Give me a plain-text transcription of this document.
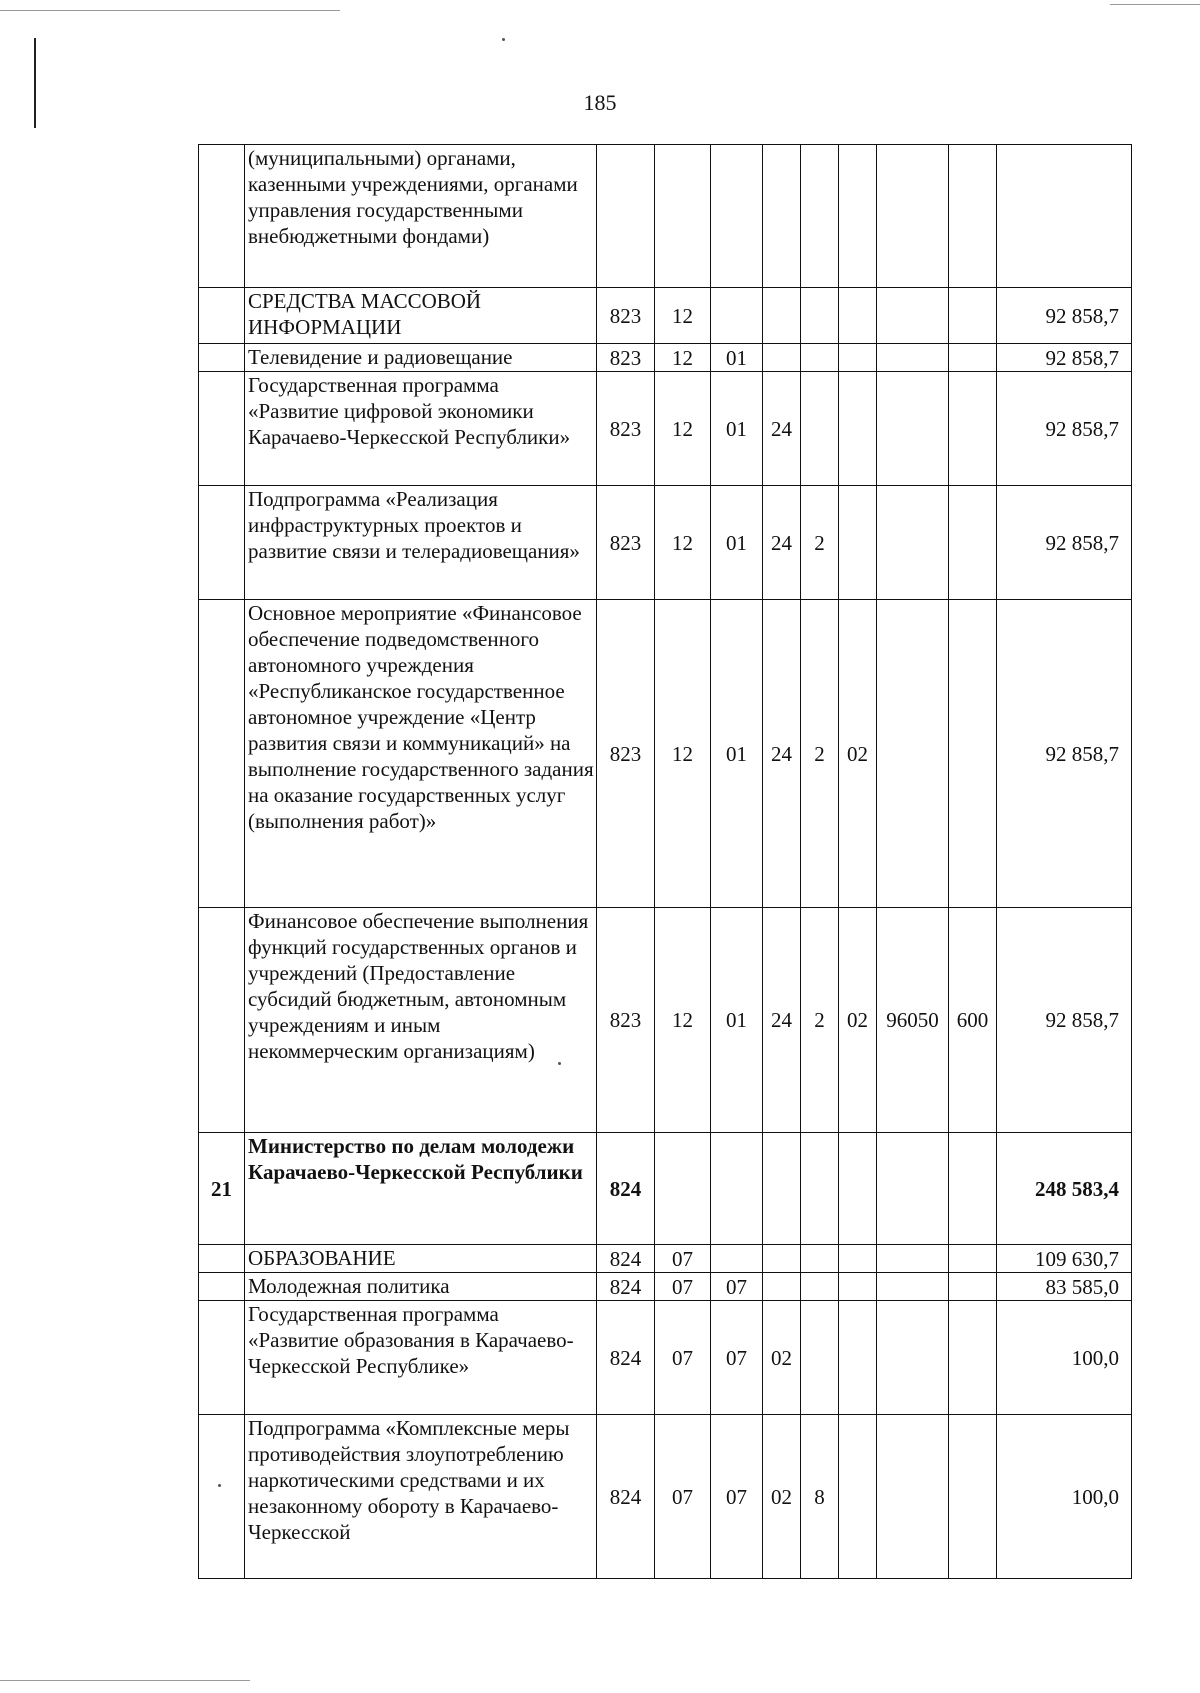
185
	(муниципальными) органами, казенными учреждениями, органами управления государственными внебюджетными фондами)									
	СРЕДСТВА МАССОВОЙ ИНФОРМАЦИИ	823	12							92 858,7
	Телевидение и радиовещание	823	12	01						92 858,7
	Государственная программа «Развитие цифровой экономики Карачаево-Черкесской Республики»	823	12	01	24					92 858,7
	Подпрограмма «Реализация инфраструктурных проектов и развитие связи и телерадиовещания»	823	12	01	24	2				92 858,7
	Основное мероприятие «Финансовое обеспечение подведомственного автономного учреждения «Республиканское государственное автономное учреждение «Центр развития связи и коммуникаций» на выполнение государственного задания на оказание государственных услуг (выполнения работ)»	823	12	01	24	2	02			92 858,7
	Финансовое обеспечение выполнения функций государственных органов и учреждений (Предоставление субсидий бюджетным, автономным учреждениям и иным некоммерческим организациям)	823	12	01	24	2	02	96050	600	92 858,7
21	Министерство по делам молодежи Карачаево-Черкесской Республики	824								248 583,4
	ОБРАЗОВАНИЕ	824	07							109 630,7
	Молодежная политика	824	07	07						83 585,0
	Государственная программа «Развитие образования в Карачаево-Черкесской Республике»	824	07	07	02					100,0
	Подпрограмма «Комплексные меры противодействия злоупотреблению наркотическими средствами и их незаконному обороту в Карачаево-Черкесской	824	07	07	02	8				100,0
